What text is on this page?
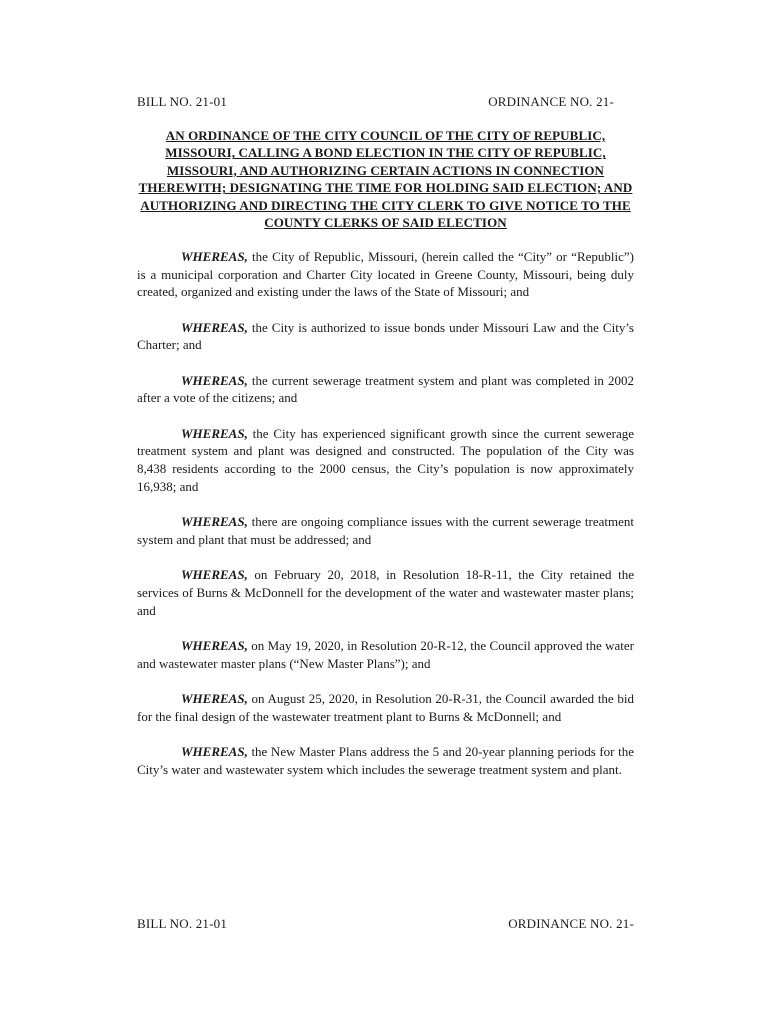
BILL NO. 21-01	ORDINANCE NO. 21-
AN ORDINANCE OF THE CITY COUNCIL OF THE CITY OF REPUBLIC, MISSOURI, CALLING A BOND ELECTION IN THE CITY OF REPUBLIC, MISSOURI, AND AUTHORIZING CERTAIN ACTIONS IN CONNECTION THEREWITH; DESIGNATING THE TIME FOR HOLDING SAID ELECTION; AND AUTHORIZING AND DIRECTING THE CITY CLERK TO GIVE NOTICE TO THE COUNTY CLERKS OF SAID ELECTION

WHEREAS, the City of Republic, Missouri, (herein called the “City” or “Republic”) is a municipal corporation and Charter City located in Greene County, Missouri, being duly created, organized and existing under the laws of the State of Missouri; and

WHEREAS, the City is authorized to issue bonds under Missouri Law and the City’s Charter; and

WHEREAS, the current sewerage treatment system and plant was completed in 2002 after a vote of the citizens; and

WHEREAS, the City has experienced significant growth since the current sewerage treatment system and plant was designed and constructed. The population of the City was 8,438 residents according to the 2000 census, the City’s population is now approximately 16,938; and

WHEREAS, there are ongoing compliance issues with the current sewerage treatment system and plant that must be addressed; and

WHEREAS, on February 20, 2018, in Resolution 18-R-11, the City retained the services of Burns & McDonnell for the development of the water and wastewater master plans; and

WHEREAS, on May 19, 2020, in Resolution 20-R-12, the Council approved the water and wastewater master plans (“New Master Plans”); and

WHEREAS, on August 25, 2020, in Resolution 20-R-31, the Council awarded the bid for the final design of the wastewater treatment plant to Burns & McDonnell; and

WHEREAS, the New Master Plans address the 5 and 20-year planning periods for the City’s water and wastewater system which includes the sewerage treatment system and plant.

BILL NO. 21-01	ORDINANCE NO. 21-
